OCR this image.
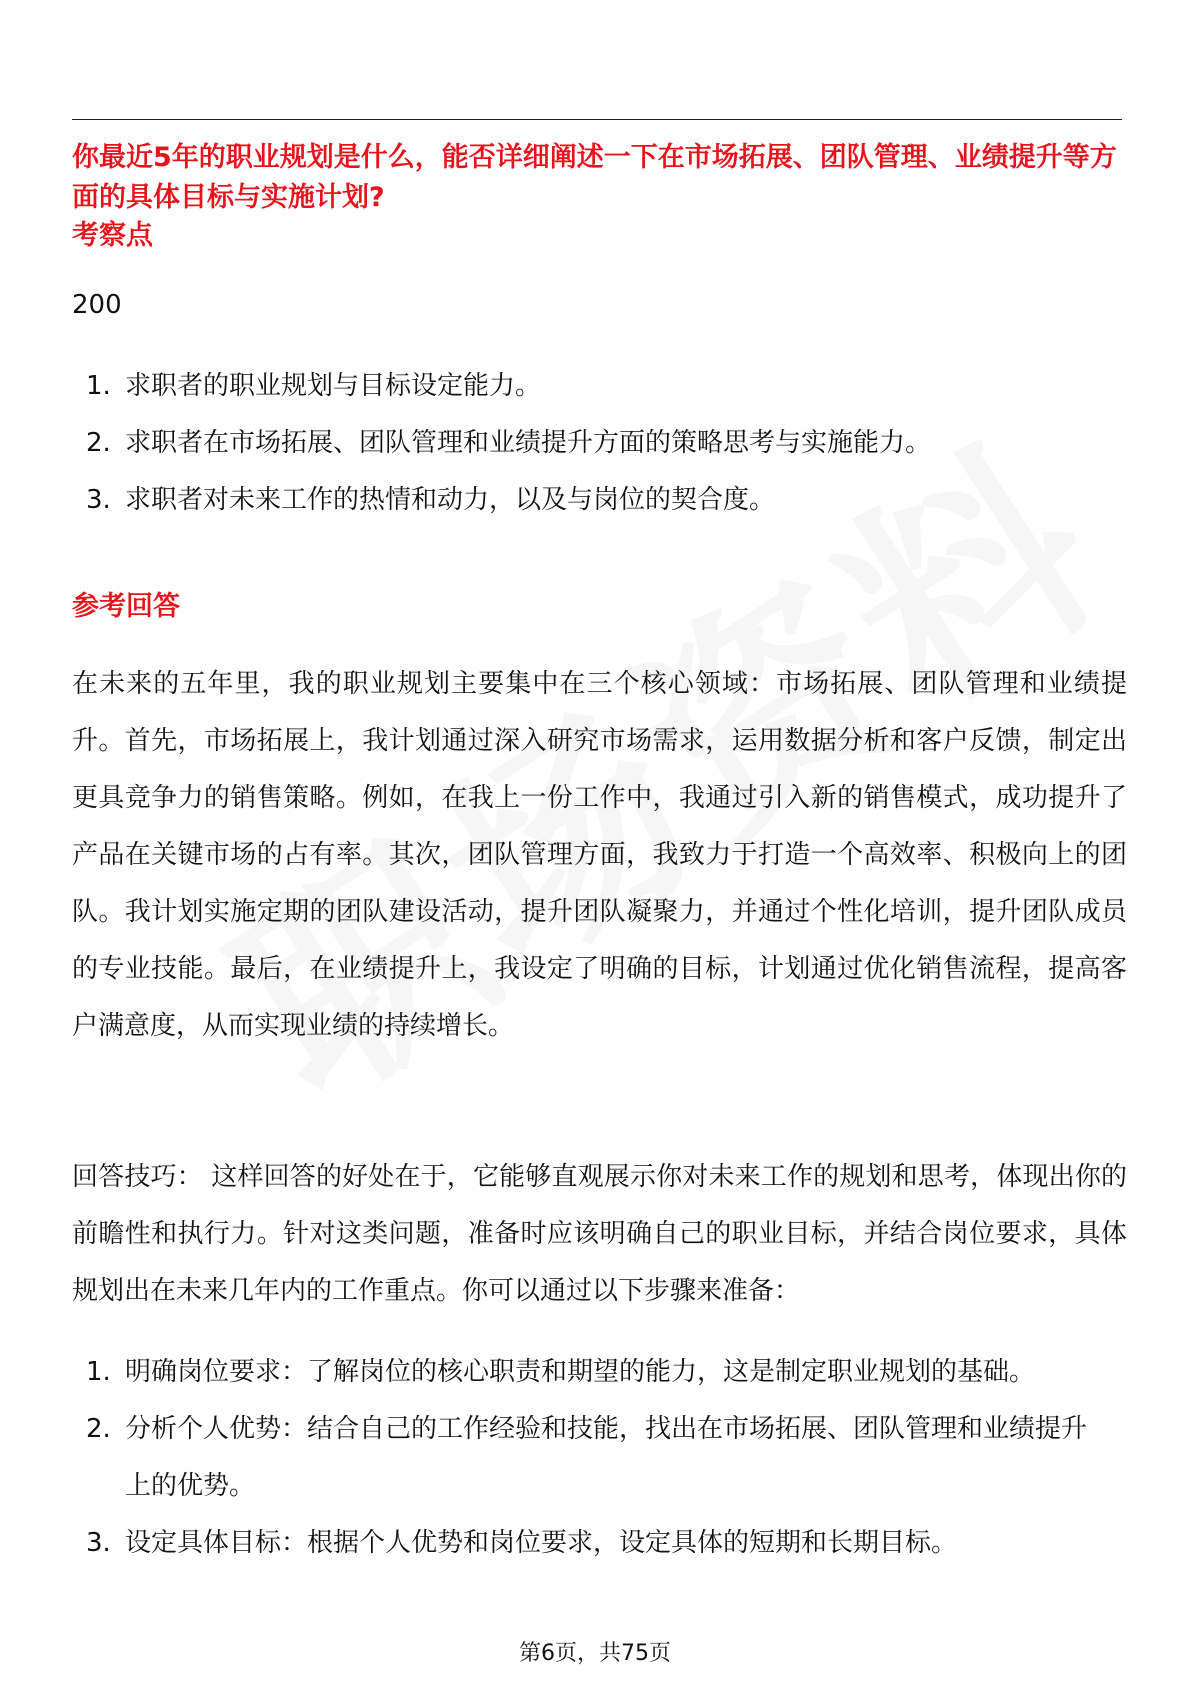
你最近5年的职业规划是什么，能否详细阐述一下在市场拓展、团队管理、业绩提升等方面的具体目标与实施计划?
考察点
200
1. 求职者的职业规划与目标设定能力。
2. 求职者在市场拓展、团队管理和业绩提升方面的策略思考与实施能力。
3. 求职者对未来工作的热情和动力，以及与岗位的契合度。
参考回答
在未来的五年里，我的职业规划主要集中在三个核心领域：市场拓展、团队管理和业绩提升。首先，市场拓展上，我计划通过深入研究市场需求，运用数据分析和客户反馈，制定出更具竞争力的销售策略。例如，在我上一份工作中，我通过引入新的销售模式，成功提升了产品在关键市场的占有率。其次，团队管理方面，我致力于打造一个高效率、积极向上的团队。我计划实施定期的团队建设活动，提升团队凝聚力，并通过个性化培训，提升团队成员的专业技能。最后，在业绩提升上，我设定了明确的目标，计划通过优化销售流程，提高客户满意度，从而实现业绩的持续增长。
回答技巧： 这样回答的好处在于，它能够直观展示你对未来工作的规划和思考，体现出你的前瞻性和执行力。针对这类问题，准备时应该明确自己的职业目标，并结合岗位要求，具体规划出在未来几年内的工作重点。你可以通过以下步骤来准备：
1. 明确岗位要求：了解岗位的核心职责和期望的能力，这是制定职业规划的基础。
2. 分析个人优势：结合自己的工作经验和技能，找出在市场拓展、团队管理和业绩提升上的优势。
3. 设定具体目标：根据个人优势和岗位要求，设定具体的短期和长期目标。
第6页，共75页
